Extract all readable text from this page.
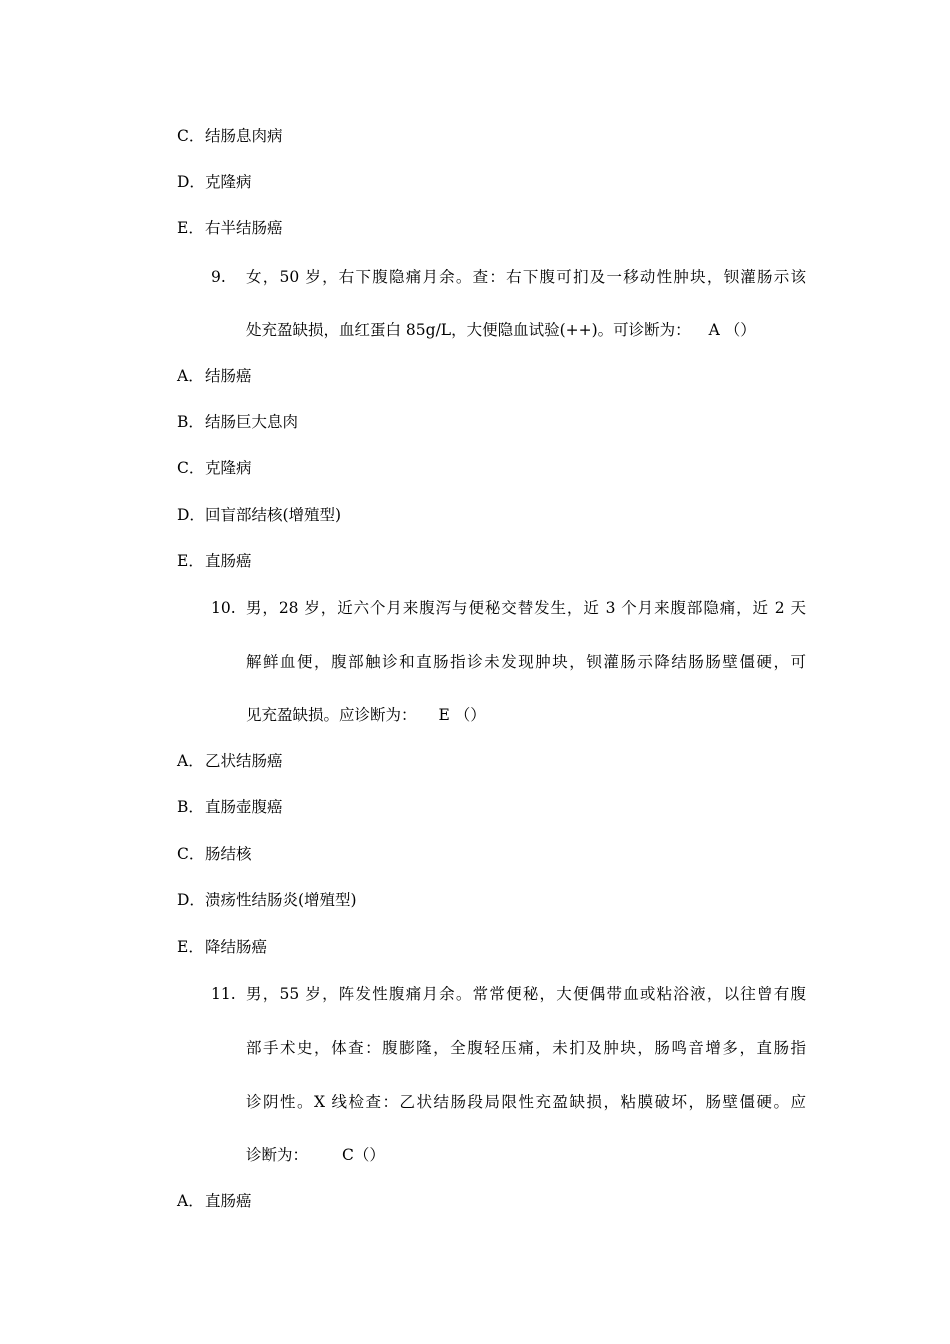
C．结肠息肉病
D．克隆病
E．右半结肠癌
9. 女，50 岁，右下腹隐痛月余。查：右下腹可扪及一移动性肿块，钡灌肠示该
处充盈缺损，血红蛋白 85g/L，大便隐血试验(++)。可诊断为： A （）
A．结肠癌
B．结肠巨大息肉
C．克隆病
D．回盲部结核(增殖型)
E．直肠癌
10. 男，28 岁，近六个月来腹泻与便秘交替发生，近 3 个月来腹部隐痛，近 2 天
解鲜血便，腹部触诊和直肠指诊未发现肿块，钡灌肠示降结肠肠壁僵硬，可
见充盈缺损。应诊断为： E （）
A．乙状结肠癌
B．直肠壶腹癌
C．肠结核
D．溃疡性结肠炎(增殖型)
E．降结肠癌
11. 男，55 岁，阵发性腹痛月余。常常便秘，大便偶带血或粘浴液，以往曾有腹
部手术史，体查：腹膨隆，全腹轻压痛，未扪及肿块，肠鸣音增多，直肠指
诊阴性。X 线检查：乙状结肠段局限性充盈缺损，粘膜破坏，肠壁僵硬。应
诊断为： C（）
A．直肠癌
